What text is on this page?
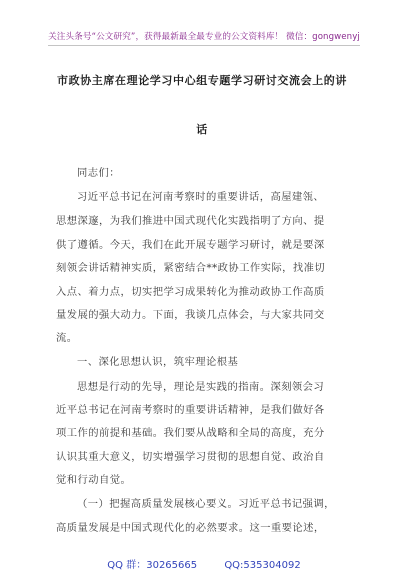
关注头条号“公文研究”，获得最新最全最专业的公文资料库！ 微信：gongwenyj
市政协主席在理论学习中心组专题学习研讨交流会上的讲
话
同志们：
习近平总书记在河南考察时的重要讲话，高屋建瓴、
思想深邃，为我们推进中国式现代化实践指明了方向、提
供了遵循。今天，我们在此开展专题学习研讨，就是要深
刻领会讲话精神实质，紧密结合**政协工作实际，找准切
入点、着力点，切实把学习成果转化为推动政协工作高质
量发展的强大动力。下面，我谈几点体会，与大家共同交
流。
一、深化思想认识，筑牢理论根基
思想是行动的先导，理论是实践的指南。深刻领会习
近平总书记在河南考察时的重要讲话精神，是我们做好各
项工作的前提和基础。我们要从战略和全局的高度，充分
认识其重大意义，切实增强学习贯彻的思想自觉、政治自
觉和行动自觉。
（一）把握高质量发展核心要义。习近平总书记强调，
高质量发展是中国式现代化的必然要求。这一重要论述，
QQ 群：30265665	QQ:535304092
